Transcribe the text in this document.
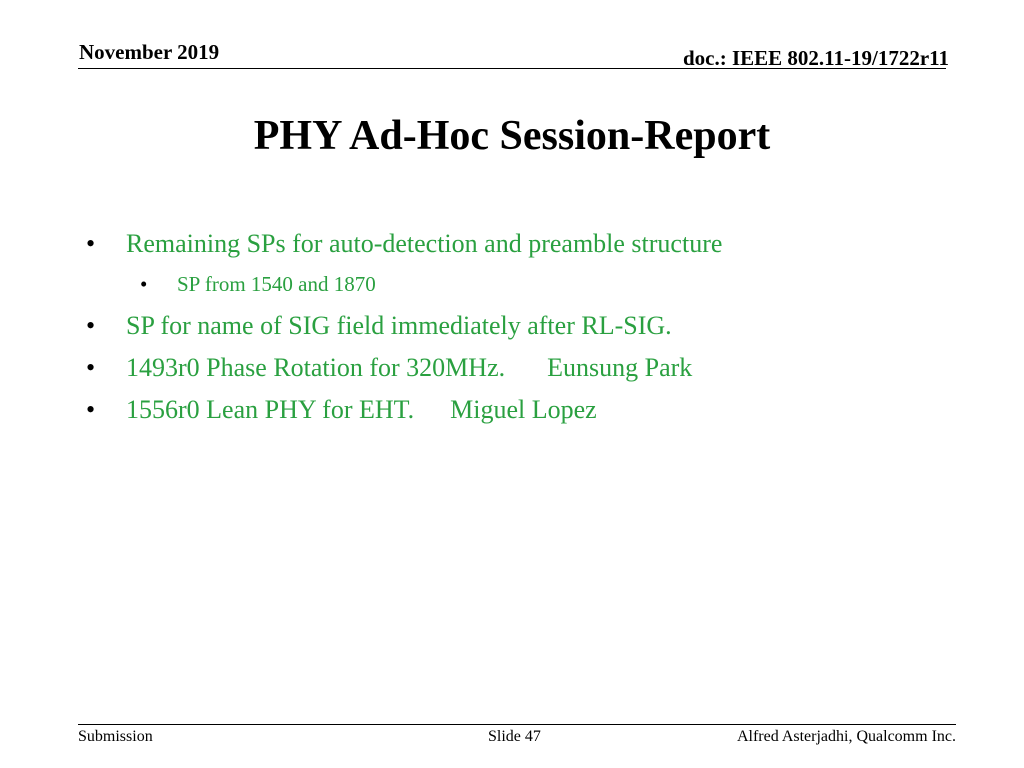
November 2019	doc.: IEEE 802.11-19/1722r11
PHY Ad-Hoc Session-Report
•	Remaining SPs for auto-detection and preamble structure
•	SP from 1540 and 1870
•	SP for name of SIG field immediately after RL-SIG.
•	1493r0 Phase Rotation for 320MHz. Eunsung Park
•	1556r0 Lean PHY for EHT. Miguel Lopez
Submission	Slide 47	Alfred Asterjadhi, Qualcomm Inc.
